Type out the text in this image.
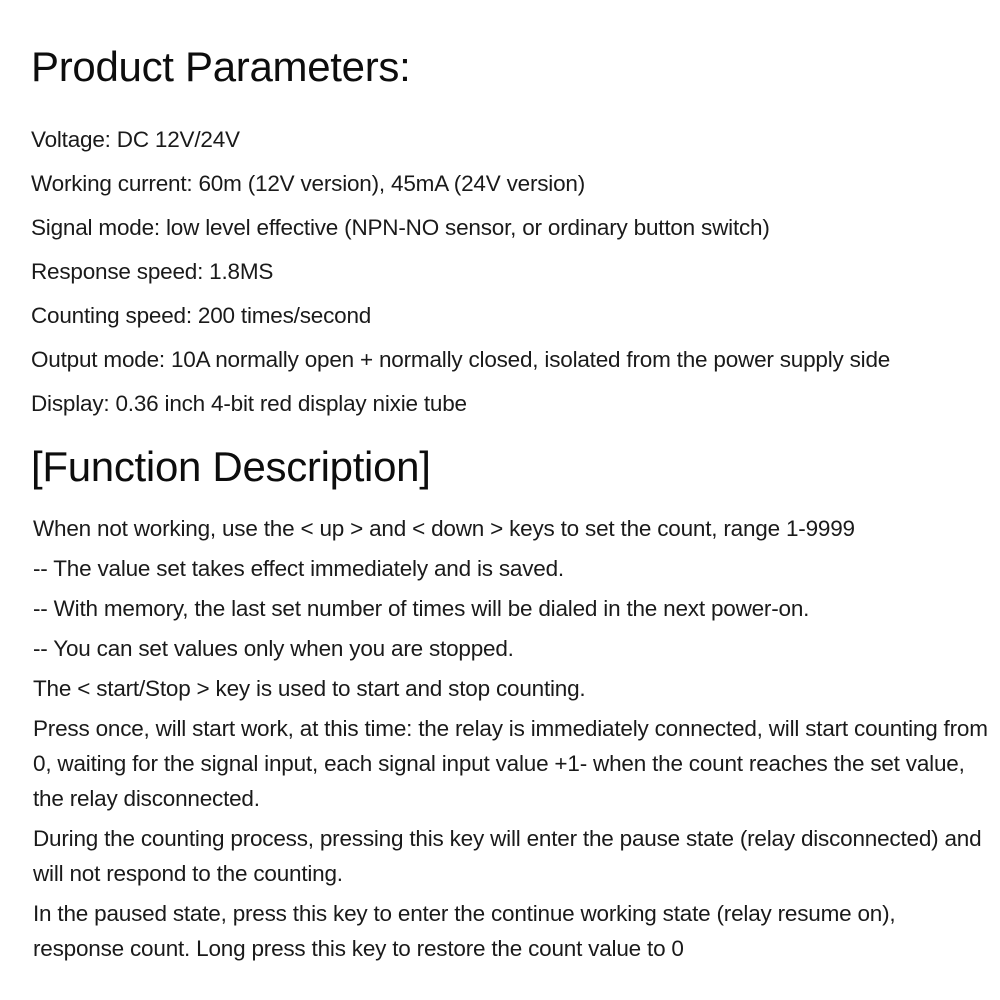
Product Parameters:
Voltage: DC 12V/24V
Working current: 60m (12V version), 45mA (24V version)
Signal mode: low level effective (NPN-NO sensor, or ordinary button switch)
Response speed: 1.8MS
Counting speed: 200 times/second
Output mode: 10A normally open + normally closed, isolated from the power supply side
Display: 0.36 inch 4-bit red display nixie tube
[Function Description]
When not working, use the < up > and < down > keys to set the count, range 1-9999
-- The value set takes effect immediately and is saved.
-- With memory, the last set number of times will be dialed in the next power-on.
-- You can set values only when you are stopped.
The < start/Stop > key is used to start and stop counting.
Press once, will start work, at this time: the relay is immediately connected, will start counting from 0, waiting for the signal input, each signal input value +1- when the count reaches the set value, the relay disconnected.
During the counting process, pressing this key will enter the pause state (relay disconnected) and will not respond to the counting.
In the paused state, press this key to enter the continue working state (relay resume on), response count. Long press this key to restore the count value to 0
